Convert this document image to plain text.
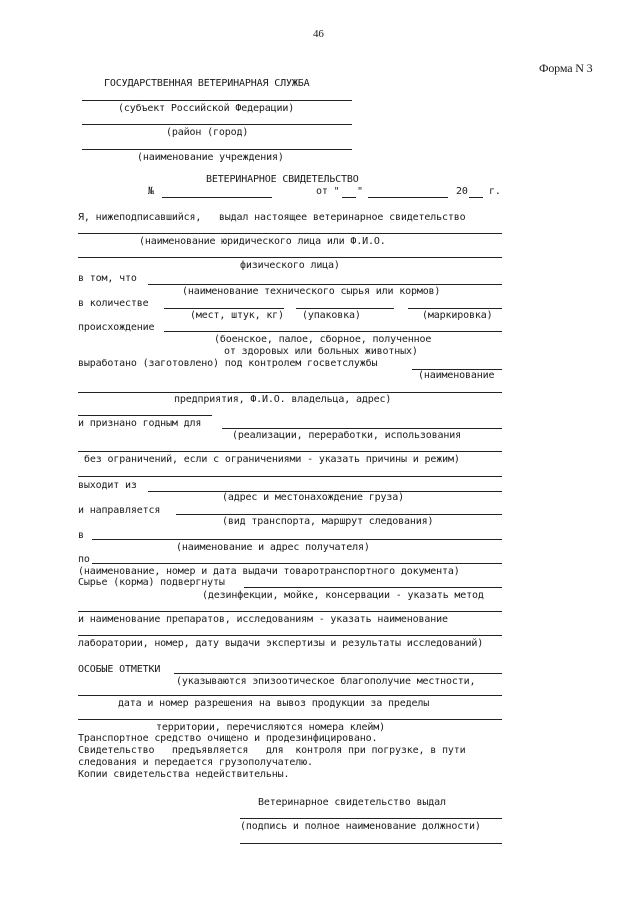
46
Форма N 3
ГОСУДАРСТВЕННАЯ ВЕТЕРИНАРНАЯ СЛУЖБА
(субъект Российской Федерации)
(район (город)
(наименование учреждения)
ВЕТЕРИНАРНОЕ СВИДЕТЕЛЬСТВО
№	от " "	20 г.
Я, нижеподписавшийся,   выдал настоящее ветеринарное свидетельство
(наименование юридического лица или Ф.И.О.
физического лица)
в том, что
(наименование технического сырья или кормов)
в количестве
(мест, штук, кг) (упаковка)	(маркировка)
происхождение
(боенское, палое, сборное, полученное
от здоровых или больных животных)
выработано (заготовлено) под контролем госветслужбы
(наименование
предприятия, Ф.И.О. владельца, адрес)
и признано годным для
(реализации, переработки, использования
без ограничений, если с ограничениями - указать причины и режим)
выходит из
(адрес и местонахождение груза)
и направляется
(вид транспорта, маршрут следования)
в
(наименование и адрес получателя)
по
(наименование, номер и дата выдачи товаротранспортного документа)
Сырье (корма) подвергнуты
(дезинфекции, мойке, консервации - указать метод
и наименование препаратов, исследованиям - указать наименование
лаборатории, номер, дату выдачи экспертизы и результаты исследований)
ОСОБЫЕ ОТМЕТКИ
(указываются эпизоотическое благополучие местности,
дата и номер разрешения на вывоз продукции за пределы
территории, перечисляются номера клейм)
Транспортное средство очищено и продезинфицировано.
Свидетельство   предъявляется   для  контроля при погрузке, в пути
следования и передается грузополучателю.
Копии свидетельства недействительны.
Ветеринарное свидетельство выдал
(подпись и полное наименование должности)
